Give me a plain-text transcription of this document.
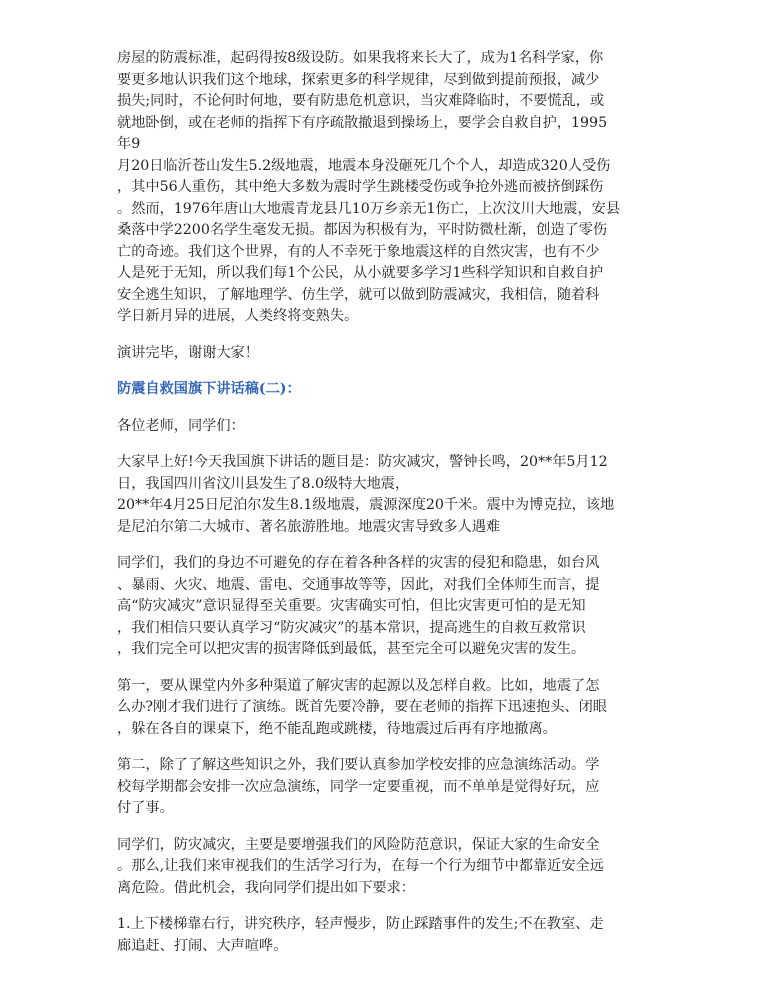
房屋的防震标准，起码得按8级设防。如果我将来长大了，成为1名科学家，你
要更多地认识我们这个地球，探索更多的科学规律，尽到做到提前预报，减少
损失;同时，不论何时何地，要有防患危机意识，当灾难降临时，不要慌乱，或
就地卧倒，或在老师的指挥下有序疏散撤退到操场上，要学会自救自护，1995
年9
月20日临沂苍山发生5.2级地震，地震本身没砸死几个个人，却造成320人受伤
，其中56人重伤，其中绝大多数为震时学生跳楼受伤或争抢外逃而被挤倒踩伤
。然而，1976年唐山大地震青龙县几10万乡亲无1伤亡，上次汶川大地震，安县
桑落中学2200名学生毫发无损。都因为积极有为，平时防微杜渐，创造了零伤
亡的奇迹。我们这个世界，有的人不幸死于象地震这样的自然灾害，也有不少
人是死于无知，所以我们每1个公民，从小就要多学习1些科学知识和自救自护
安全逃生知识，了解地理学、仿生学，就可以做到防震减灾，我相信，随着科
学日新月异的进展，人类终将变熟失。

演讲完毕，谢谢大家！

防震自救国旗下讲话稿(二)：

各位老师，同学们：

大家早上好!今天我国旗下讲话的题目是：防灾减灾，警钟长鸣，20**年5月12
日，我国四川省汶川县发生了8.0级特大地震，
20**年4月25日尼泊尔发生8.1级地震，震源深度20千米。震中为博克拉，该地
是尼泊尔第二大城市、著名旅游胜地。地震灾害导致多人遇难

同学们，我们的身边不可避免的存在着各种各样的灾害的侵犯和隐患，如台风
、暴雨、火灾、地震、雷电、交通事故等等，因此，对我们全体师生而言，提
高“防灾减灾”意识显得至关重要。灾害确实可怕，但比灾害更可怕的是无知
，我们相信只要认真学习“防灾减灾”的基本常识，提高逃生的自救互救常识
，我们完全可以把灾害的损害降低到最低，甚至完全可以避免灾害的发生。

第一，要从课堂内外多种渠道了解灾害的起源以及怎样自救。比如，地震了怎
么办?刚才我们进行了演练。既首先要冷静，要在老师的指挥下迅速抱头、闭眼
，躲在各自的课桌下，绝不能乱跑或跳楼，待地震过后再有序地撤离。

第二，除了了解这些知识之外，我们要认真参加学校安排的应急演练活动。学
校每学期都会安排一次应急演练，同学一定要重视，而不单单是觉得好玩，应
付了事。

同学们，防灾减灾，主要是要增强我们的风险防范意识，保证大家的生命安全
。那么,让我们来审视我们的生活学习行为，在每一个行为细节中都靠近安全远
离危险。借此机会，我向同学们提出如下要求：

1.上下楼梯靠右行，讲究秩序，轻声慢步，防止踩踏事件的发生;不在教室、走
廊追赶、打闹、大声喧哗。
